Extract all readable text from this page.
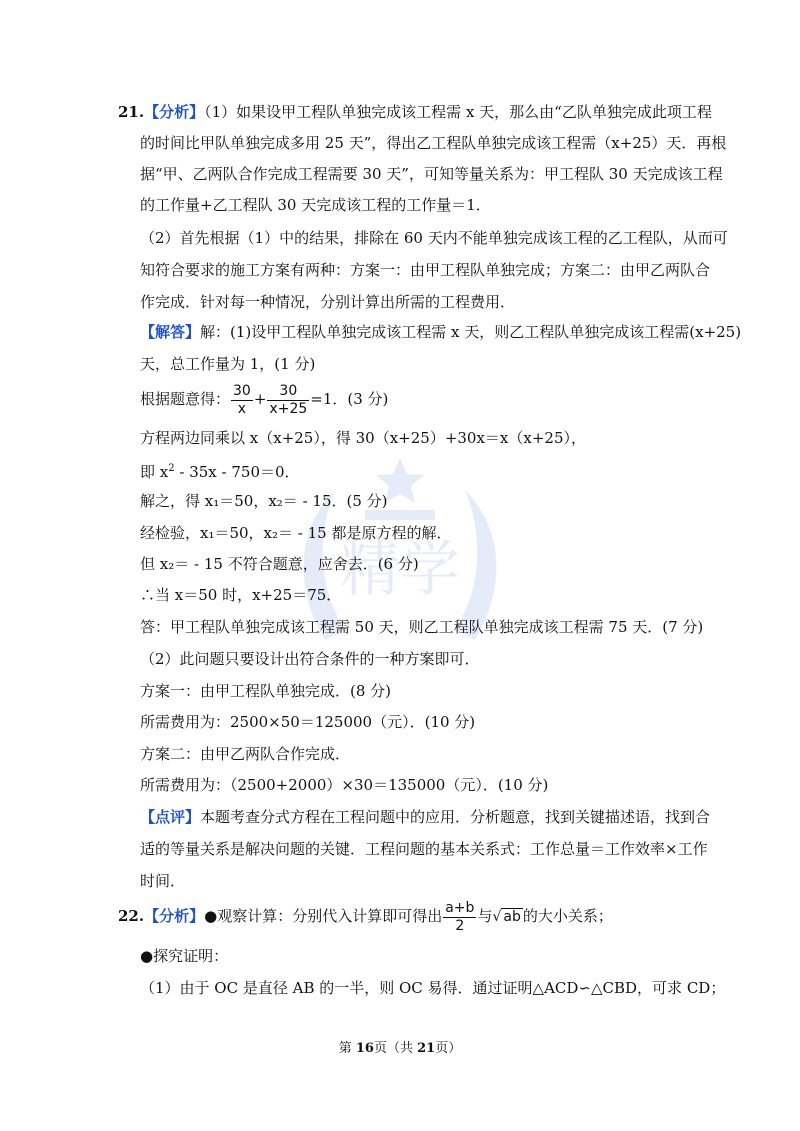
精学
21.【分析】（1）如果设甲工程队单独完成该工程需 x 天，那么由“乙队单独完成此项工程
的时间比甲队单独完成多用 25 天”，得出乙工程队单独完成该工程需（x+25）天．再根
据“甲、乙两队合作完成工程需要 30 天”，可知等量关系为：甲工程队 30 天完成该工程
的工作量+乙工程队 30 天完成该工程的工作量＝1．
（2）首先根据（1）中的结果，排除在 60 天内不能单独完成该工程的乙工程队，从而可
知符合要求的施工方案有两种：方案一：由甲工程队单独完成；方案二：由甲乙两队合
作完成．针对每一种情况，分别计算出所需的工程费用．
【解答】解：(1)设甲工程队单独完成该工程需 x 天，则乙工程队单独完成该工程需(x+25)
天，总工作量为 1，(1 分)
根据题意得： $\frac{30}{x} + \frac{30}{x+25} =1$．(3 分)
方程两边同乘以 x（x+25），得 30（x+25）+30x＝x（x+25），
即 $x^2 - 35x - 750=0$．
解之，得 x₁＝50，x₂＝ - 15．(5 分)
经检验，x₁＝50，x₂＝ - 15 都是原方程的解．
但 x₂＝ - 15 不符合题意，应舍去．(6 分)
∴当 x＝50 时，x+25＝75．
答：甲工程队单独完成该工程需 50 天，则乙工程队单独完成该工程需 75 天．(7 分)
（2）此问题只要设计出符合条件的一种方案即可．
方案一：由甲工程队单独完成．(8 分)
所需费用为：2500×50＝125000（元）．(10 分)
方案二：由甲乙两队合作完成．
所需费用为：（2500+2000）×30＝135000（元）．(10 分)
【点评】本题考查分式方程在工程问题中的应用．分析题意，找到关键描述语，找到合
适的等量关系是解决问题的关键．工程问题的基本关系式：工作总量＝工作效率×工作
时间．
22.【分析】●观察计算：分别代入计算即可得出 $\frac{a+b}{2}$ 与√ ab 的大小关系；
●探究证明：
（1）由于 OC 是直径 AB 的一半，则 OC 易得．通过证明△ACD∽△CBD，可求 CD；
第 16页（共 21页）
